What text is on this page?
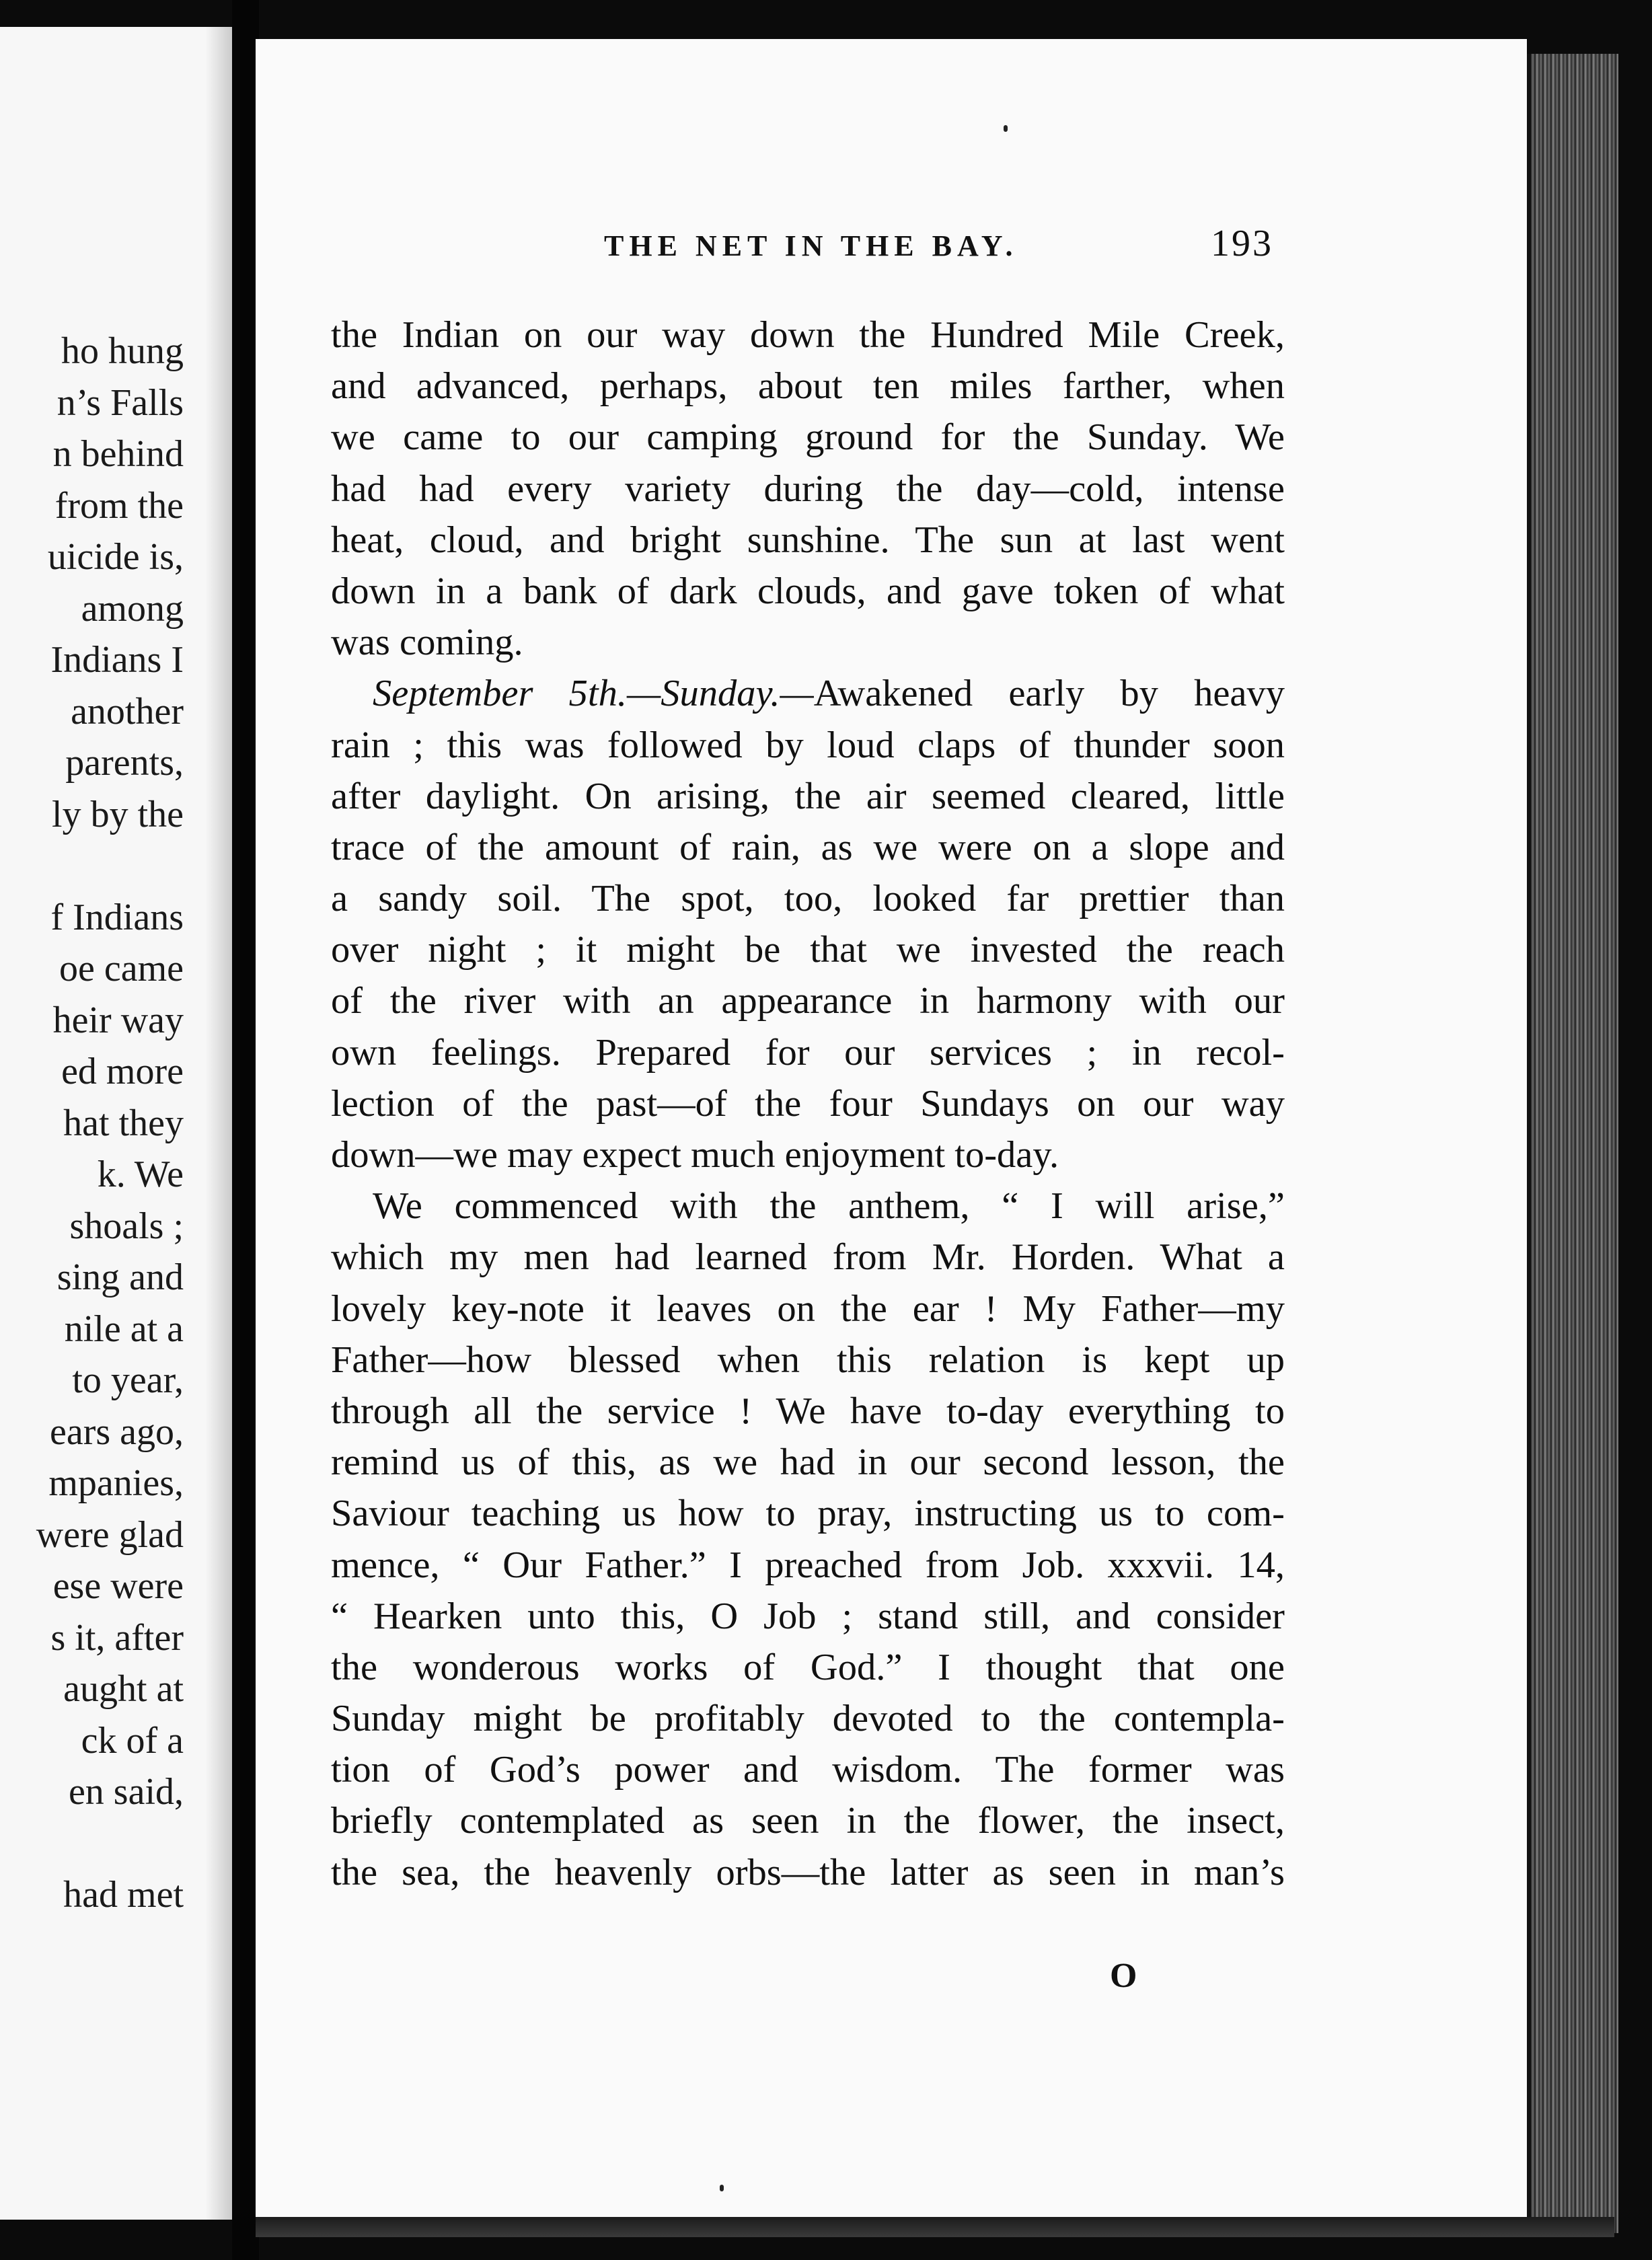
ho hung
n’s Falls
n behind
from the
uicide is,
among
Indians I
another
parents,
ly by the
f Indians
oe came
heir way
ed more
hat they
k. We
shoals ;
sing and
nile at a
to year,
ears ago,
mpanies,
were glad
ese were
s it, after
aught at
ck of a
en said,
had met
THE NET IN THE BAY.	193
the Indian on our way down the Hundred Mile Creek,
and advanced, perhaps, about ten miles farther, when
we came to our camping ground for the Sunday. We
had had every variety during the day—cold, intense
heat, cloud, and bright sunshine. The sun at last went
down in a bank of dark clouds, and gave token of what
was coming.
September 5th.—Sunday.—Awakened early by heavy
rain ; this was followed by loud claps of thunder soon
after daylight. On arising, the air seemed cleared, little
trace of the amount of rain, as we were on a slope and
a sandy soil. The spot, too, looked far prettier than
over night ; it might be that we invested the reach
of the river with an appearance in harmony with our
own feelings. Prepared for our services ; in recol-
lection of the past—of the four Sundays on our way
down—we may expect much enjoyment to-day.
We commenced with the anthem, “ I will arise,”
which my men had learned from Mr. Horden. What a
lovely key-note it leaves on the ear ! My Father—my
Father—how blessed when this relation is kept up
through all the service ! We have to-day everything to
remind us of this, as we had in our second lesson, the
Saviour teaching us how to pray, instructing us to com-
mence, “ Our Father.” I preached from Job. xxxvii. 14,
“ Hearken unto this, O Job ; stand still, and consider
the wonderous works of God.” I thought that one
Sunday might be profitably devoted to the contempla-
tion of God’s power and wisdom. The former was
briefly contemplated as seen in the flower, the insect,
the sea, the heavenly orbs—the latter as seen in man’s
O
